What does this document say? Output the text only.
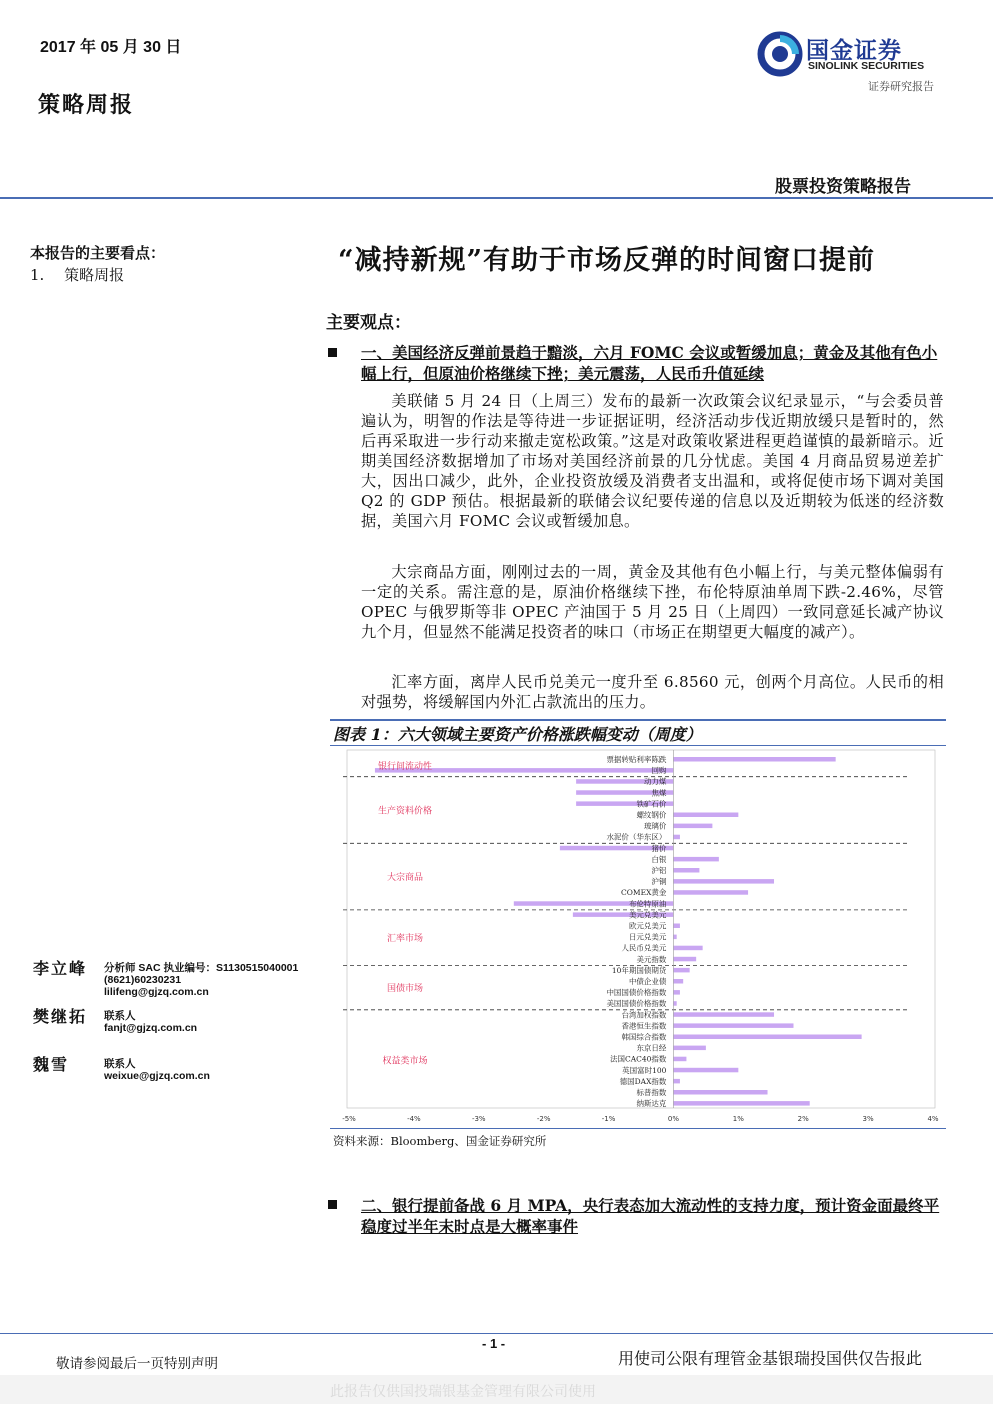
2017 年 05 月 30 日
策略周报
国金证券
SINOLINK SECURITIES
证券研究报告
股票投资策略报告
本报告的主要看点：
1.　 策略周报	“减持新规”有助于市场反弹的时间窗口提前
主要观点：
一、美国经济反弹前景趋于黯淡，六月 FOMC 会议或暂缓加息；黄金及其他有色小幅上行，但原油价格继续下挫；美元震荡，人民币升值延续
美联储 5 月 24 日（上周三）发布的最新一次政策会议纪录显示，“与会委员普遍认为，明智的作法是等待进一步证据证明，经济活动步伐近期放缓只是暂时的，然后再采取进一步行动来撤走宽松政策。”这是对政策收紧进程更趋谨慎的最新暗示。近期美国经济数据增加了市场对美国经济前景的几分忧虑。美国 4 月商品贸易逆差扩大，因出口减少，此外，企业投资放缓及消费者支出温和，或将促使市场下调对美国 Q2 的 GDP 预估。根据最新的联储会议纪要传递的信息以及近期较为低迷的经济数据，美国六月 FOMC 会议或暂缓加息。
大宗商品方面，刚刚过去的一周，黄金及其他有色小幅上行，与美元整体偏弱有一定的关系。需注意的是，原油价格继续下挫，布伦特原油单周下跌-2.46%，尽管 OPEC 与俄罗斯等非 OPEC 产油国于 5 月 25 日（上周四）一致同意延长减产协议九个月，但显然不能满足投资者的味口（市场正在期望更大幅度的减产）。
汇率方面，离岸人民币兑美元一度升至 6.8560 元，创两个月高位。人民币的相对强势，将缓解国内外汇占款流出的压力。
图表 1：六大领域主要资产价格涨跌幅变动（周度）
票据转贴利率陈跌
回购
银行间流动性
动力煤
焦煤
铁矿石价
螺纹钢价
玻璃价
水泥价（华东区）
生产资料价格
猪价
白银
沪铝
沪铜
COMEX黄金
布伦特原油
大宗商品
美元兑美元
欧元兑美元
日元兑美元
人民币兑美元
美元指数
汇率市场
10年期国债期货
中债企业债
中国国债价格指数
美国国债价格指数
国债市场
台湾加权指数
香港恒生指数
韩国综合指数
东京日经
法国CAC40指数
英国富时100
德国DAX指数
标普指数
纳斯达克
权益类市场
-5%	-4%	-3%	-2%	-1%	0%	1%	2%	3%	4%
资料来源：Bloomberg、国金证券研究所
二、银行提前备战 6 月 MPA，央行表态加大流动性的支持力度，预计资金面最终平稳度过半年末时点是大概率事件
李立峰 分析师 SAC 执业编号：S1130515040001
(8621)60230231
lilifeng@gjzq.com.cn
樊继拓 联系人
fanjt@gjzq.com.cn
魏雪	联系人
weixue@gjzq.com.cn
- 1 -
敬请参阅最后一页特别声明	用使司公限有理管金基银瑞投国供仅告报此
此报告仅供国投瑞银基金管理有限公司使用
